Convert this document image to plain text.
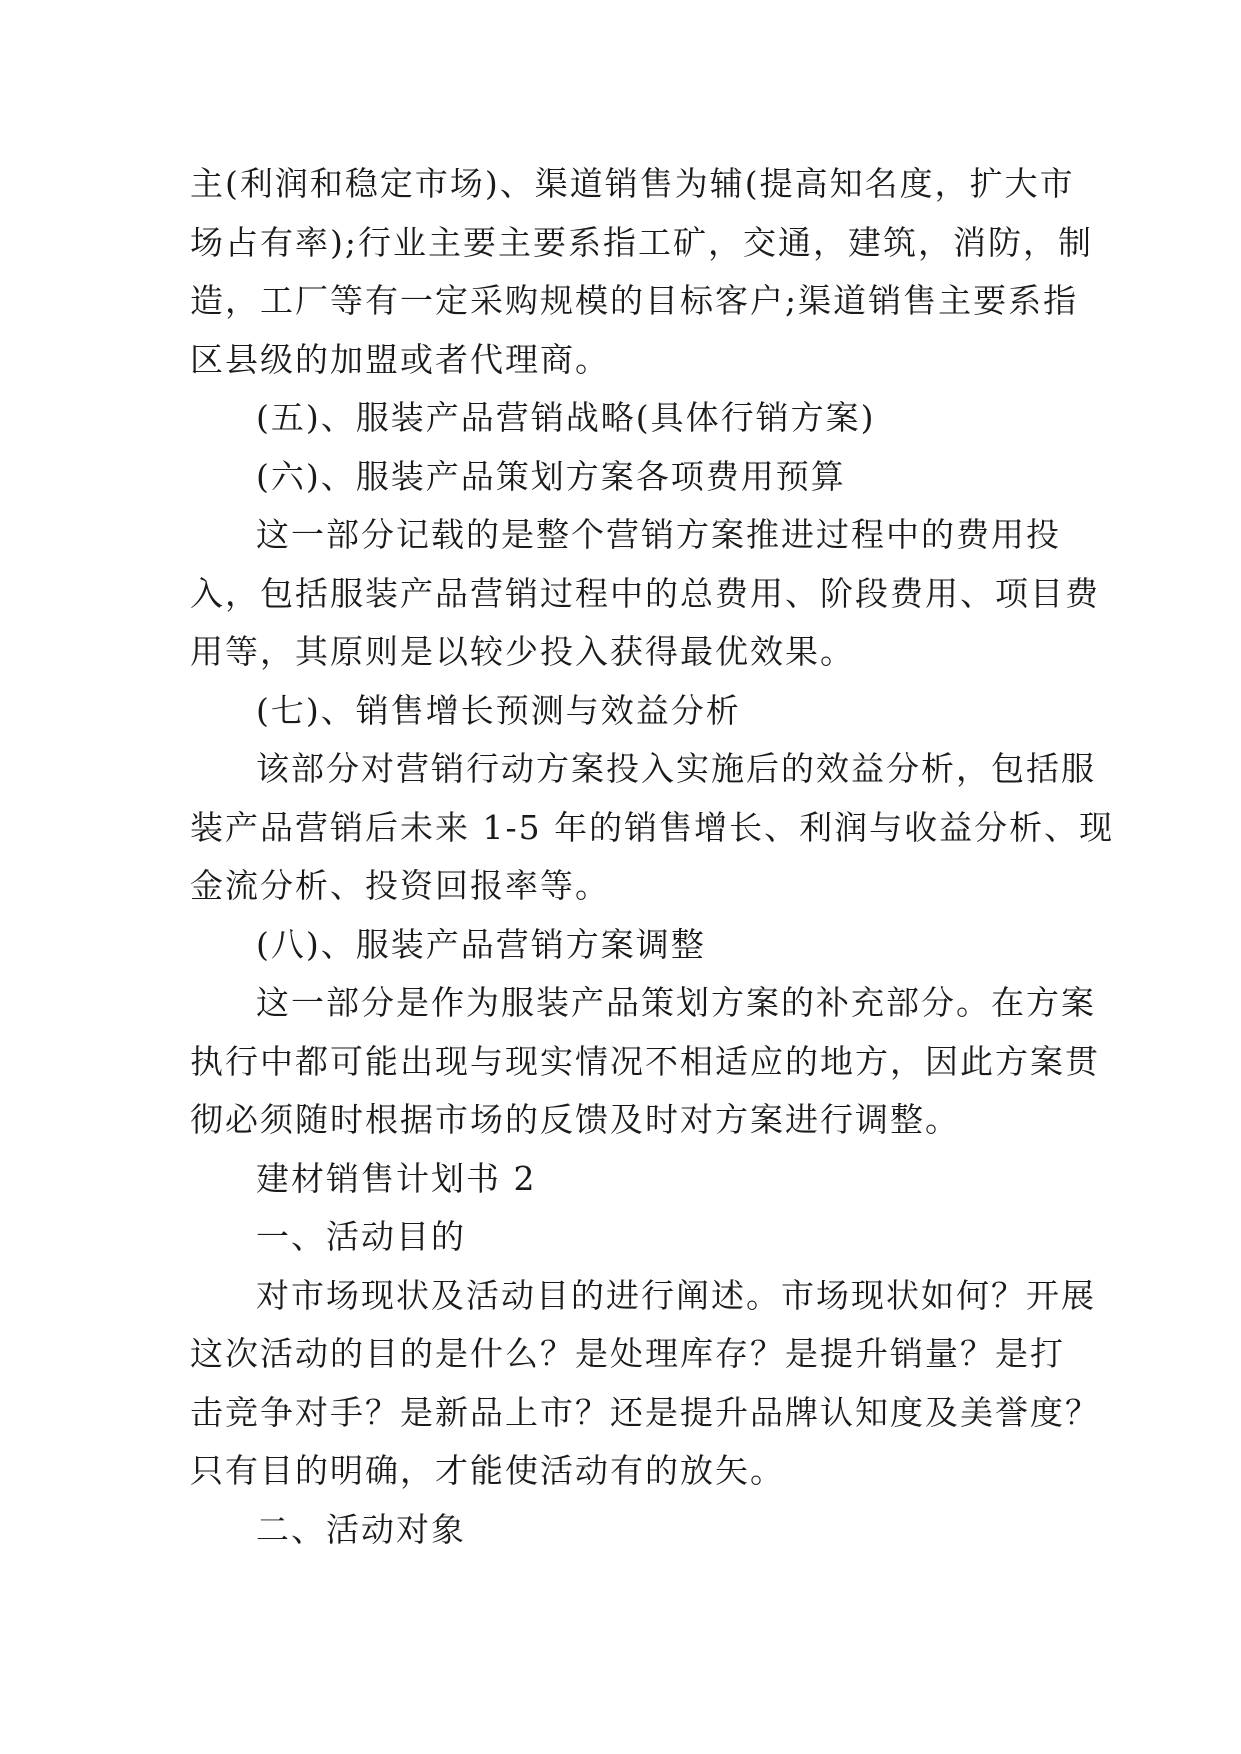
主(利润和稳定市场)、渠道销售为辅(提高知名度，扩大市
场占有率);行业主要主要系指工矿，交通，建筑，消防，制
造，工厂等有一定采购规模的目标客户;渠道销售主要系指
区县级的加盟或者代理商。
(五)、服装产品营销战略(具体行销方案)
(六)、服装产品策划方案各项费用预算
这一部分记载的是整个营销方案推进过程中的费用投
入，包括服装产品营销过程中的总费用、阶段费用、项目费
用等，其原则是以较少投入获得最优效果。
(七)、销售增长预测与效益分析
该部分对营销行动方案投入实施后的效益分析，包括服
装产品营销后未来 1-5 年的销售增长、利润与收益分析、现
金流分析、投资回报率等。
(八)、服装产品营销方案调整
这一部分是作为服装产品策划方案的补充部分。在方案
执行中都可能出现与现实情况不相适应的地方，因此方案贯
彻必须随时根据市场的反馈及时对方案进行调整。
建材销售计划书 2
一、活动目的
对市场现状及活动目的进行阐述。市场现状如何？开展
这次活动的目的是什么？是处理库存？是提升销量？是打
击竞争对手？是新品上市？还是提升品牌认知度及美誉度？
只有目的明确，才能使活动有的放矢。
二、活动对象
